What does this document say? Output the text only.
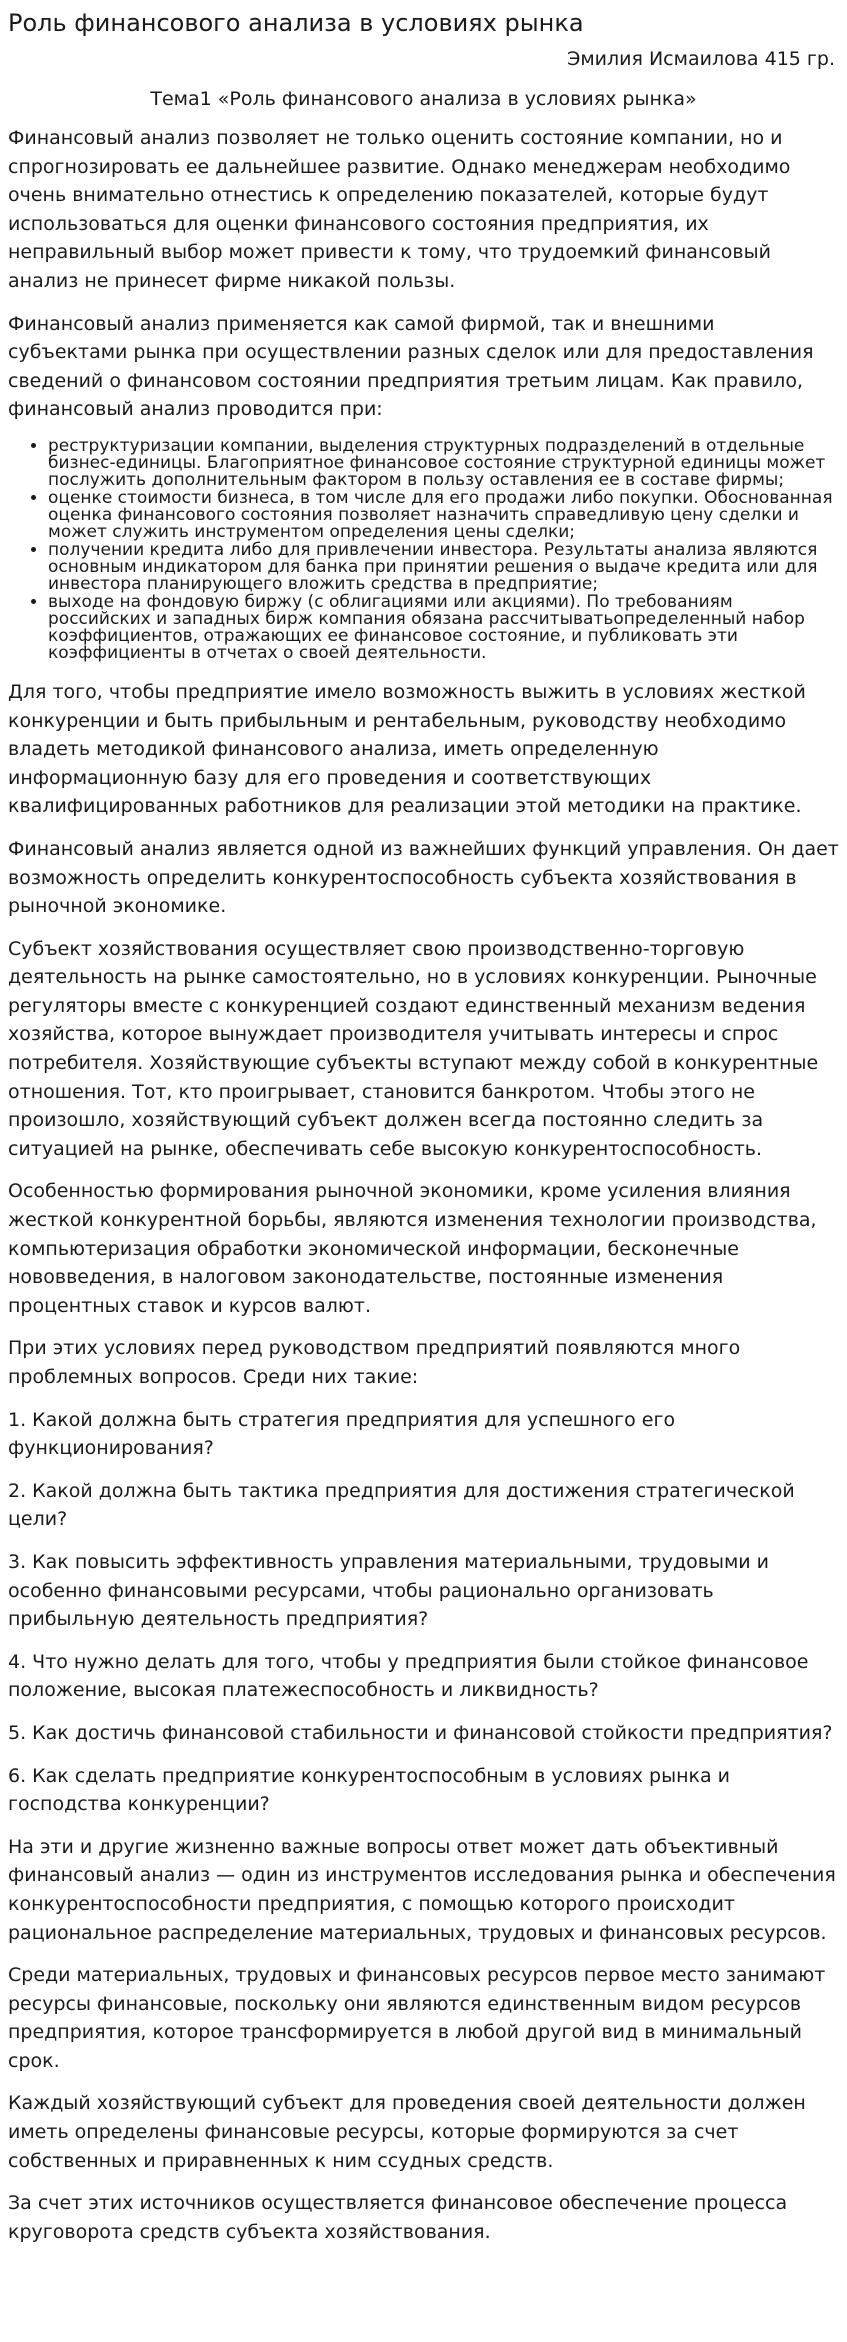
Роль финансового анализа в условиях рынка
Эмилия Исмаилова 415 гр.
Тема1 «Роль финансового анализа в условиях рынка»

Финансовый анализ позволяет не только оценить состояние компании, но и спрогнозировать ее дальнейшее развитие. Однако менеджерам необходимо очень внимательно отнестись к определению показателей, которые будут использоваться для оценки финансового состояния предприятия, их неправильный выбор может привести к тому, что трудоемкий финансовый анализ не принесет фирме никакой пользы.

Финансовый анализ применяется как самой фирмой, так и внешними субъектами рынка при осуществлении разных сделок или для предоставления сведений о финансовом состоянии предприятия третьим лицам. Как правило, финансовый анализ проводится при:

• реструктуризации компании, выделения структурных подразделений в отдельные бизнес-единицы. Благоприятное финансовое состояние структурной единицы может послужить дополнительным фактором в пользу оставления ее в составе фирмы;
• оценке стоимости бизнеса, в том числе для его продажи либо покупки. Обоснованная оценка финансового состояния позволяет назначить справедливую цену сделки и может служить инструментом определения цены сделки;
• получении кредита либо для привлечении инвестора. Результаты анализа являются основным индикатором для банка при принятии решения о выдаче кредита или для инвестора планирующего вложить средства в предприятие;
• выходе на фондовую биржу (с облигациями или акциями). По требованиям российских и западных бирж компания обязана рассчитыватьопределенный набор коэффициентов, отражающих ее финансовое состояние, и публиковать эти коэффициенты в отчетах о своей деятельности.

Для того, чтобы предприятие имело возможность выжить в условиях жесткой конкуренции и быть прибыльным и рентабельным, руководству необходимо владеть методикой финансового анализа, иметь определенную информационную базу для его проведения и соответствующих квалифицированных работников для реализации этой методики на практике.

Финансовый анализ является одной из важнейших функций управления. Он дает возможность определить конкурентоспособность субъекта хозяйствования в рыночной экономике.

Субъект хозяйствования осуществляет свою производственно-торговую деятельность на рынке самостоятельно, но в условиях конкуренции. Рыночные регуляторы вместе с конкуренцией создают единственный механизм ведения хозяйства, которое вынуждает производителя учитывать интересы и спрос потребителя. Хозяйствующие субъекты вступают между собой в конкурентные отношения. Тот, кто проигрывает, становится банкротом. Чтобы этого не произошло, хозяйствующий субъект должен всегда постоянно следить за ситуацией на рынке, обеспечивать себе высокую конкурентоспособность.

Особенностью формирования рыночной экономики, кроме усиления влияния жесткой конкурентной борьбы, являются изменения технологии производства, компьютеризация обработки экономической информации, бесконечные нововведения, в налоговом законодательстве, постоянные изменения процентных ставок и курсов валют.

При этих условиях перед руководством предприятий появляются много проблемных вопросов. Среди них такие:

1. Какой должна быть стратегия предприятия для успешного его функционирования?

2. Какой должна быть тактика предприятия для достижения стратегической цели?

3. Как повысить эффективность управления материальными, трудовыми и особенно финансовыми ресурсами, чтобы рационально организовать прибыльную деятельность предприятия?

4. Что нужно делать для того, чтобы у предприятия были стойкое финансовое положение, высокая платежеспособность и ликвидность?

5. Как достичь финансовой стабильности и финансовой стойкости предприятия?

6. Как сделать предприятие конкурентоспособным в условиях рынка и господства конкуренции?

На эти и другие жизненно важные вопросы ответ может дать объективный финансовый анализ — один из инструментов исследования рынка и обеспечения конкурентоспособности предприятия, с помощью которого происходит рациональное распределение материальных, трудовых и финансовых ресурсов.

Среди материальных, трудовых и финансовых ресурсов первое место занимают ресурсы финансовые, поскольку они являются единственным видом ресурсов предприятия, которое трансформируется в любой другой вид в минимальный срок.

Каждый хозяйствующий субъект для проведения своей деятельности должен иметь определены финансовые ресурсы, которые формируются за счет собственных и приравненных к ним ссудных средств.

За счет этих источников осуществляется финансовое обеспечение процесса круговорота средств субъекта хозяйствования.
